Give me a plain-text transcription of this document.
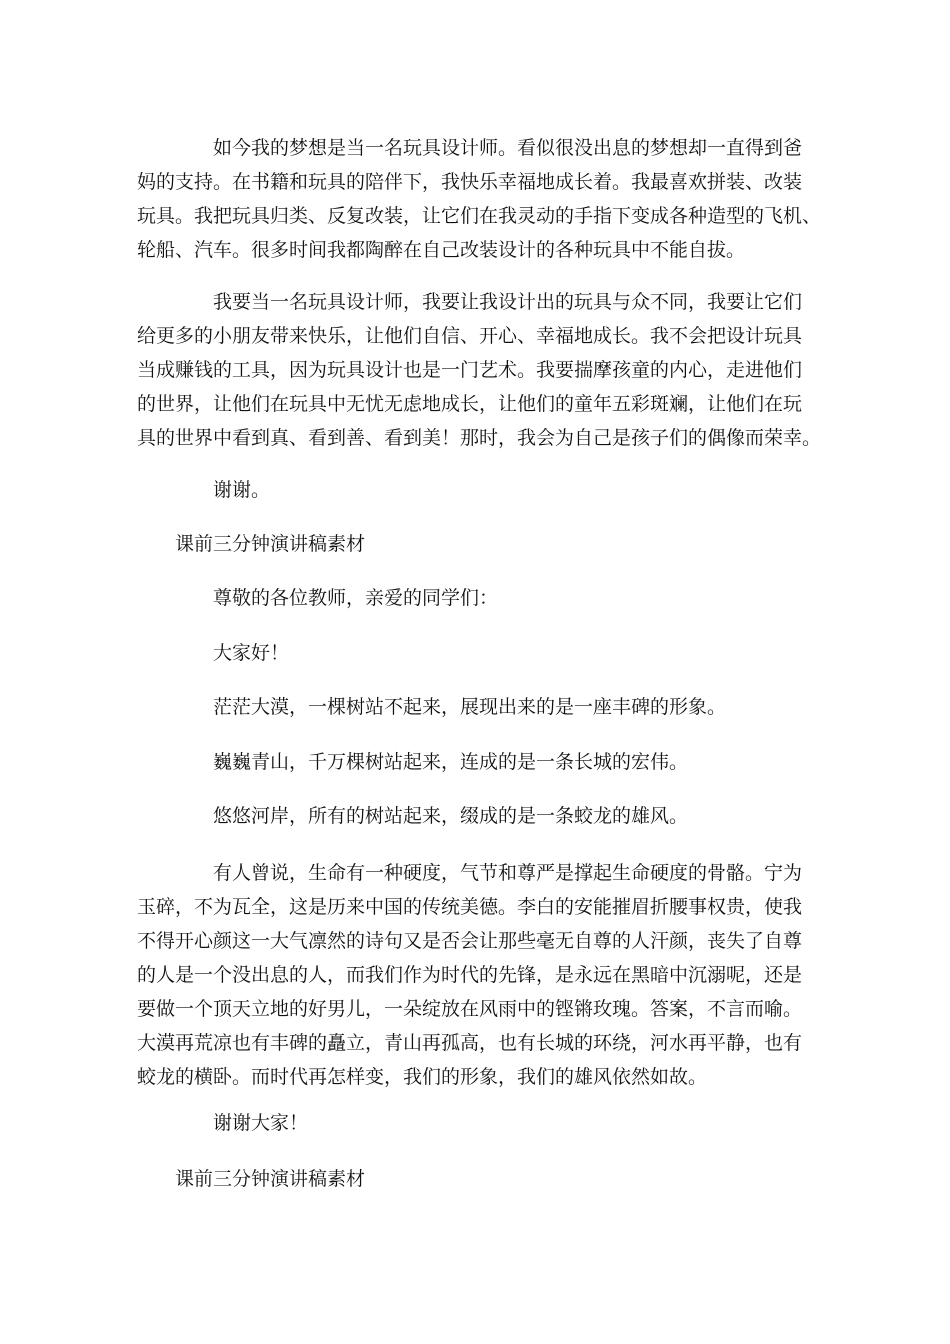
如今我的梦想是当一名玩具设计师。看似很没出息的梦想却一直得到爸
妈的支持。在书籍和玩具的陪伴下，我快乐幸福地成长着。我最喜欢拼装、改装
玩具。我把玩具归类、反复改装，让它们在我灵动的手指下变成各种造型的飞机、
轮船、汽车。很多时间我都陶醉在自己改装设计的各种玩具中不能自拔。
我要当一名玩具设计师，我要让我设计出的玩具与众不同，我要让它们
给更多的小朋友带来快乐，让他们自信、开心、幸福地成长。我不会把设计玩具
当成赚钱的工具，因为玩具设计也是一门艺术。我要揣摩孩童的内心，走进他们
的世界，让他们在玩具中无忧无虑地成长，让他们的童年五彩斑斓，让他们在玩
具的世界中看到真、看到善、看到美！那时，我会为自己是孩子们的偶像而荣幸。

谢谢。

课前三分钟演讲稿素材

尊敬的各位教师，亲爱的同学们：

大家好！

茫茫大漠，一棵树站不起来，展现出来的是一座丰碑的形象。

巍巍青山，千万棵树站起来，连成的是一条长城的宏伟。

悠悠河岸，所有的树站起来，缀成的是一条蛟龙的雄风。

有人曾说，生命有一种硬度，气节和尊严是撑起生命硬度的骨骼。宁为
玉碎，不为瓦全，这是历来中国的传统美德。李白的安能摧眉折腰事权贵，使我
不得开心颜这一大气凛然的诗句又是否会让那些毫无自尊的人汗颜，丧失了自尊
的人是一个没出息的人，而我们作为时代的先锋，是永远在黑暗中沉溺呢，还是
要做一个顶天立地的好男儿，一朵绽放在风雨中的铿锵玫瑰。答案，不言而喻。
大漠再荒凉也有丰碑的矗立，青山再孤高，也有长城的环绕，河水再平静，也有
蛟龙的横卧。而时代再怎样变，我们的形象，我们的雄风依然如故。

谢谢大家！

课前三分钟演讲稿素材
